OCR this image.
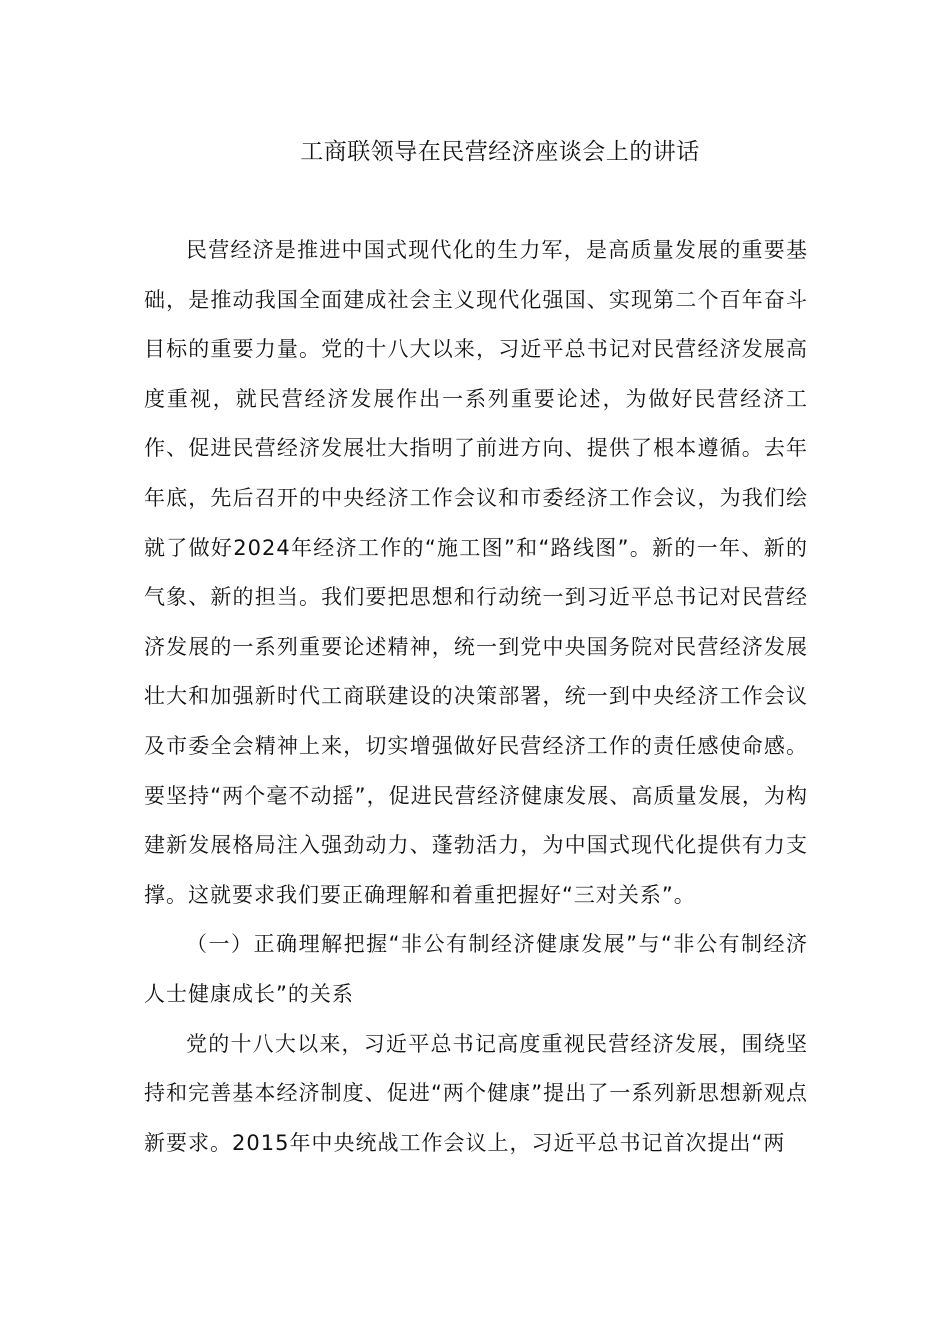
工商联领导在民营经济座谈会上的讲话

民营经济是推进中国式现代化的生力军，是高质量发展的重要基础，是推动我国全面建成社会主义现代化强国、实现第二个百年奋斗目标的重要力量。党的十八大以来，习近平总书记对民营经济发展高度重视，就民营经济发展作出一系列重要论述，为做好民营经济工作、促进民营经济发展壮大指明了前进方向、提供了根本遵循。去年年底，先后召开的中央经济工作会议和市委经济工作会议，为我们绘就了做好2024年经济工作的“施工图”和“路线图”。新的一年、新的气象、新的担当。我们要把思想和行动统一到习近平总书记对民营经济发展的一系列重要论述精神，统一到党中央国务院对民营经济发展壮大和加强新时代工商联建设的决策部署，统一到中央经济工作会议及市委全会精神上来，切实增强做好民营经济工作的责任感使命感。要坚持“两个毫不动摇”，促进民营经济健康发展、高质量发展，为构建新发展格局注入强劲动力、蓬勃活力，为中国式现代化提供有力支撑。这就要求我们要正确理解和着重把握好“三对关系”。

（一）正确理解把握“非公有制经济健康发展”与“非公有制经济人士健康成长”的关系

党的十八大以来，习近平总书记高度重视民营经济发展，围绕坚持和完善基本经济制度、促进“两个健康”提出了一系列新思想新观点新要求。2015年中央统战工作会议上，习近平总书记首次提出“两
